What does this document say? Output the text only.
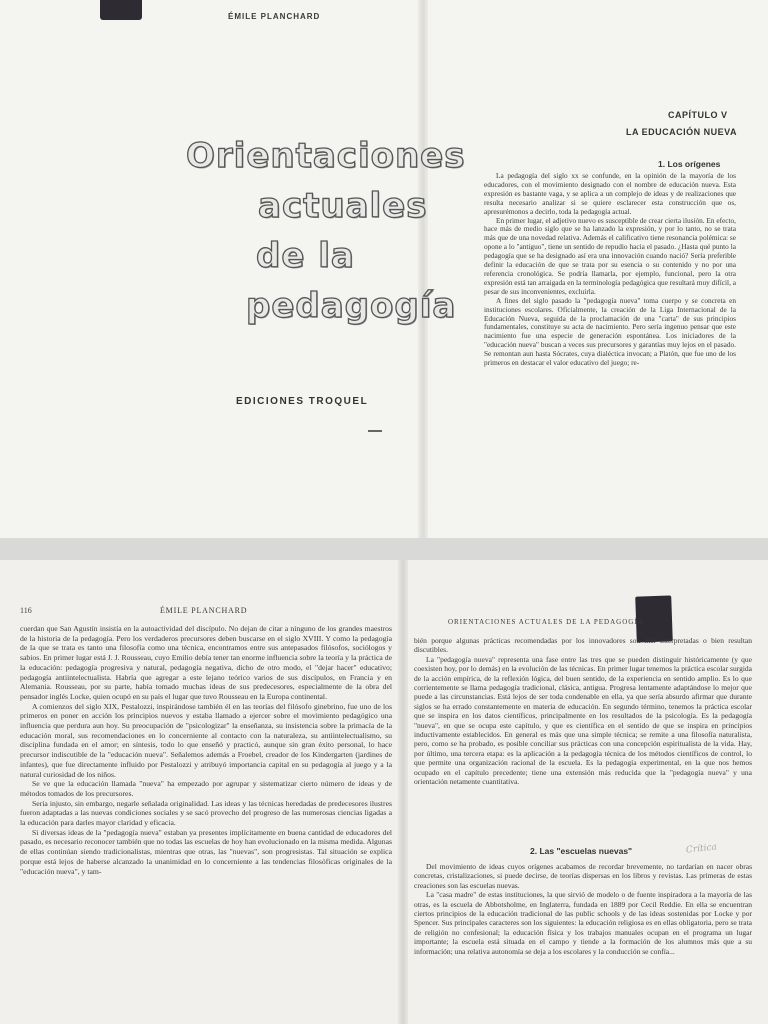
ÉMILE PLANCHARD
Orientaciones
actuales
de la
pedagogía
EDICIONES TROQUEL
CAPÍTULO V
LA EDUCACIÓN NUEVA
1. Los orígenes

La pedagogía del siglo xx se confunde, en la opinión de la mayoría de los educadores, con el movimiento designado con el nombre de educación nueva. Esta expresión es bastante vaga, y se aplica a un complejo de ideas y de realizaciones que resulta necesario analizar si se quiere esclarecer esta construcción que os, apresurémonos a decirlo, toda la pedagogía actual.

En primer lugar, el adjetivo nuevo es susceptible de crear cierta ilusión. En efecto, hace más de medio siglo que se ha lanzado la expresión, y por lo tanto, no se trata más que de una novedad relativa. Además el calificativo tiene resonancia polémica: se opone a lo "antiguo", tiene un sentido de repudio hacia el pasado. ¿Hasta qué punto la pedagogía que se ha designado así era una innovación cuando nació? Sería preferible definir la educación de que se trata por su esencia o su contenido y no por una referencia cronológica. Se podría llamarla, por ejemplo, funcional, pero la otra expresión está tan arraigada en la terminología pedagógica que resultará muy difícil, a pesar de sus inconvenientes, excluirla.

A fines del siglo pasado la "pedagogía nueva" toma cuerpo y se concreta en instituciones escolares. Oficialmente, la creación de la Liga Internacional de la Educación Nueva, seguida de la proclamación de una "carta" de sus principios fundamentales, constituye su acta de nacimiento. Pero sería ingenuo pensar que este nacimiento fue una especie de generación espontánea. Los iniciadores de la "educación nueva" buscan a veces sus precursores y garantías muy lejos en el pasado. Se remontan aun hasta Sócrates, cuya dialéctica invocan; a Platón, que fue uno de los primeros en destacar el valor educativo del juego; re-

116	ÉMILE PLANCHARD

cuerdan que San Agustín insistía en la autoactividad del discípulo. No dejan de citar a ninguno de los grandes maestros de la historia de la pedagogía. Pero los verdaderos precursores deben buscarse en el siglo XVIII. Y como la pedagogía de la que se trata es tanto una filosofía como una técnica, encontramos entre sus antepasados filósofos, sociólogos y sabios. En primer lugar está J. J. Rousseau, cuyo Emilio debía tener tan enorme influencia sobre la teoría y la práctica de la educación: pedagogía progresiva y natural, pedagogía negativa, dicho de otro modo, el "dejar hacer" educativo; pedagogía antiintelectualista. Habría que agregar a este lejano teórico varios de sus discípulos, en Francia y en Alemania. Rousseau, por su parte, había tomado muchas ideas de sus predecesores, especialmente de la obra del pensador inglés Locke, quien ocupó en su país el lugar que tuvo Rousseau en la Europa continental.

A comienzos del siglo XIX, Pestalozzi, inspirándose también él en las teorías del filósofo ginebrino, fue uno de los primeros en poner en acción los principios nuevos y estaba llamado a ejercer sobre el movimiento pedagógico una influencia que perdura aun hoy. Su preocupación de "psicologizar" la enseñanza, su insistencia sobre la primacía de la educación moral, sus recomendaciones en lo concerniente al contacto con la naturaleza, su antiintelectualismo, su disciplina fundada en el amor; en síntesis, todo lo que enseñó y practicó, aunque sin gran éxito personal, lo hace precursor indiscutible de la "educación nueva". Señalemos además a Froebel, creador de los Kindergarten (jardines de infantes), que fue directamente influido por Pestalozzi y atribuyó importancia capital en su pedagogía al juego y a la natural curiosidad de los niños.

Se ve que la educación llamada "nueva" ha empezado por agrupar y sistematizar cierto número de ideas y de métodos tomados de los precursores.

Sería injusto, sin embargo, negarle señalada originalidad. Las ideas y las técnicas heredadas de predecesores ilustres fueron adaptadas a las nuevas condiciones sociales y se sacó provecho del progreso de las numerosas ciencias ligadas a la educación para darles mayor claridad y eficacia.

Si diversas ideas de la "pedagogía nueva" estaban ya presentes implícitamente en buena cantidad de educadores del pasado, es necesario reconocer también que no todas las escuelas de hoy han evolucionado en la misma medida. Algunas de ellas continúan siendo tradicionalistas, mientras que otras, las "nuevas", son progresistas. Tal situación se explica porque está lejos de haberse alcanzado la unanimidad en lo concerniente a las tendencias filosóficas originales de la "educación nueva", y tam-

ORIENTACIONES ACTUALES DE LA PEDAGOGÍA

bién porque algunas prácticas recomendadas por los innovadores son mal interpretadas o bien resultan discutibles.

La "pedagogía nueva" representa una fase entre las tres que se pueden distinguir históricamente (y que coexisten hoy, por lo demás) en la evolución de las técnicas. En primer lugar tenemos la práctica escolar surgida de la acción empírica, de la reflexión lógica, del buen sentido, de la experiencia en sentido amplio. Es lo que corrientemente se llama pedagogía tradicional, clásica, antigua. Progresa lentamente adaptándose lo mejor que puede a las circunstancias. Está lejos de ser toda condenable en ella, ya que sería absurdo afirmar que durante siglos se ha errado constantemente en materia de educación. En segundo término, tenemos la práctica escolar que se inspira en los datos científicos, principalmente en los resultados de la psicología. Es la pedagogía "nueva", en que se ocupa este capítulo, y que es científica en el sentido de que se inspira en principios inductivamente establecidos. En general es más que una simple técnica; se remite a una filosofía naturalista, pero, como se ha probado, es posible conciliar sus prácticas con una concepción espiritualista de la vida. Hay, por último, una tercera etapa: es la aplicación a la pedagogía técnica de los métodos científicos de control, lo que permite una organización racional de la escuela. Es la pedagogía experimental, en la que nos hemos ocupado en el capítulo precedente; tiene una extensión más reducida que la "pedagogía nueva" y una orientación netamente cuantitativa.

2. Las "escuelas nuevas"

Del movimiento de ideas cuyos orígenes acabamos de recordar brevemente, no tardarían en nacer obras concretas, cristalizaciones, si puede decirse, de teorías dispersas en los libros y revistas. Las primeras de estas creaciones son las escuelas nuevas.

La "casa madre" de estas instituciones, la que sirvió de modelo o de fuente inspiradora a la mayoría de las otras, es la escuela de Abbotsholme, en Inglaterra, fundada en 1889 por Cecil Reddie. En ella se encuentran ciertos principios de la educación tradicional de las public schools y de las ideas sostenidas por Locke y por Spencer. Sus principales caracteres son los siguientes: la educación religiosa es en ellas obligatoria, pero se trata de religión no confesional; la educación física y los trabajos manuales ocupan en el programa un lugar importante; la escuela está situada en el campo y tiende a la formación de los alumnos más que a su información; una relativa autonomía se deja a los escolares y la conducción se confía...

Crítica
